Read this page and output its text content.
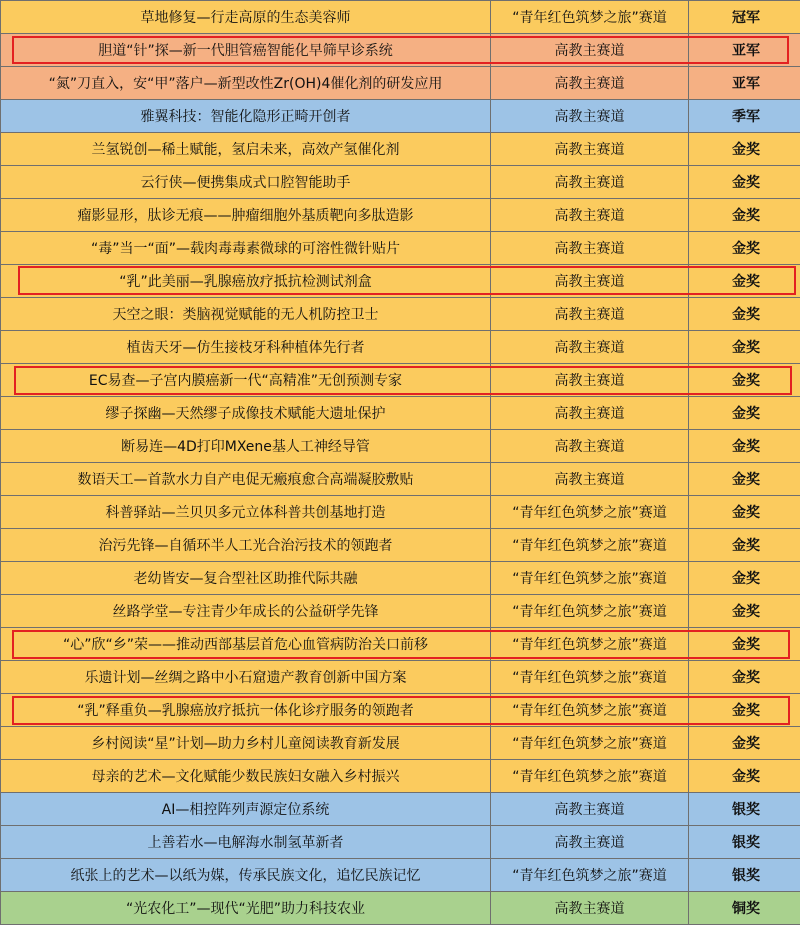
草地修复—行走高原的生态美容师	“青年红色筑梦之旅”赛道	冠军
胆道“针”探—新一代胆管癌智能化早筛早诊系统	高教主赛道	亚军
“氮”刀直入，安“甲”落户—新型改性Zr(OH)4催化剂的研发应用	高教主赛道	亚军
雅翼科技：智能化隐形正畸开创者	高教主赛道	季军
兰氢锐创—稀土赋能，氢启未来，高效产氢催化剂	高教主赛道	金奖
云行侠—便携集成式口腔智能助手	高教主赛道	金奖
瘤影显形，肽诊无痕——肿瘤细胞外基质靶向多肽造影	高教主赛道	金奖
“毒”当一“面”—载肉毒毒素微球的可溶性微针贴片	高教主赛道	金奖
“乳”此美丽—乳腺癌放疗抵抗检测试剂盒	高教主赛道	金奖
天空之眼：类脑视觉赋能的无人机防控卫士	高教主赛道	金奖
植齿天牙—仿生接枝牙科种植体先行者	高教主赛道	金奖
EC易查—子宫内膜癌新一代“高精准”无创预测专家	高教主赛道	金奖
缪子探幽—天然缪子成像技术赋能大遗址保护	高教主赛道	金奖
断易连—4D打印MXene基人工神经导管	高教主赛道	金奖
数语天工—首款水力自产电促无瘢痕愈合高端凝胶敷贴	高教主赛道	金奖
科普驿站—兰贝贝多元立体科普共创基地打造	“青年红色筑梦之旅”赛道	金奖
治污先锋—自循环半人工光合治污技术的领跑者	“青年红色筑梦之旅”赛道	金奖
老幼皆安—复合型社区助推代际共融	“青年红色筑梦之旅”赛道	金奖
丝路学堂—专注青少年成长的公益研学先锋	“青年红色筑梦之旅”赛道	金奖
“心”欣“乡”荣——推动西部基层首危心血管病防治关口前移	“青年红色筑梦之旅”赛道	金奖
乐遗计划—丝绸之路中小石窟遗产教育创新中国方案	“青年红色筑梦之旅”赛道	金奖
“乳”释重负—乳腺癌放疗抵抗一体化诊疗服务的领跑者	“青年红色筑梦之旅”赛道	金奖
乡村阅读“星”计划—助力乡村儿童阅读教育新发展	“青年红色筑梦之旅”赛道	金奖
母亲的艺术—文化赋能少数民族妇女融入乡村振兴	“青年红色筑梦之旅”赛道	金奖
AI—相控阵列声源定位系统	高教主赛道	银奖
上善若水—电解海水制氢革新者	高教主赛道	银奖
纸张上的艺术—以纸为媒，传承民族文化，追忆民族记忆	“青年红色筑梦之旅”赛道	银奖
“光农化工”—现代“光肥”助力科技农业	高教主赛道	铜奖
